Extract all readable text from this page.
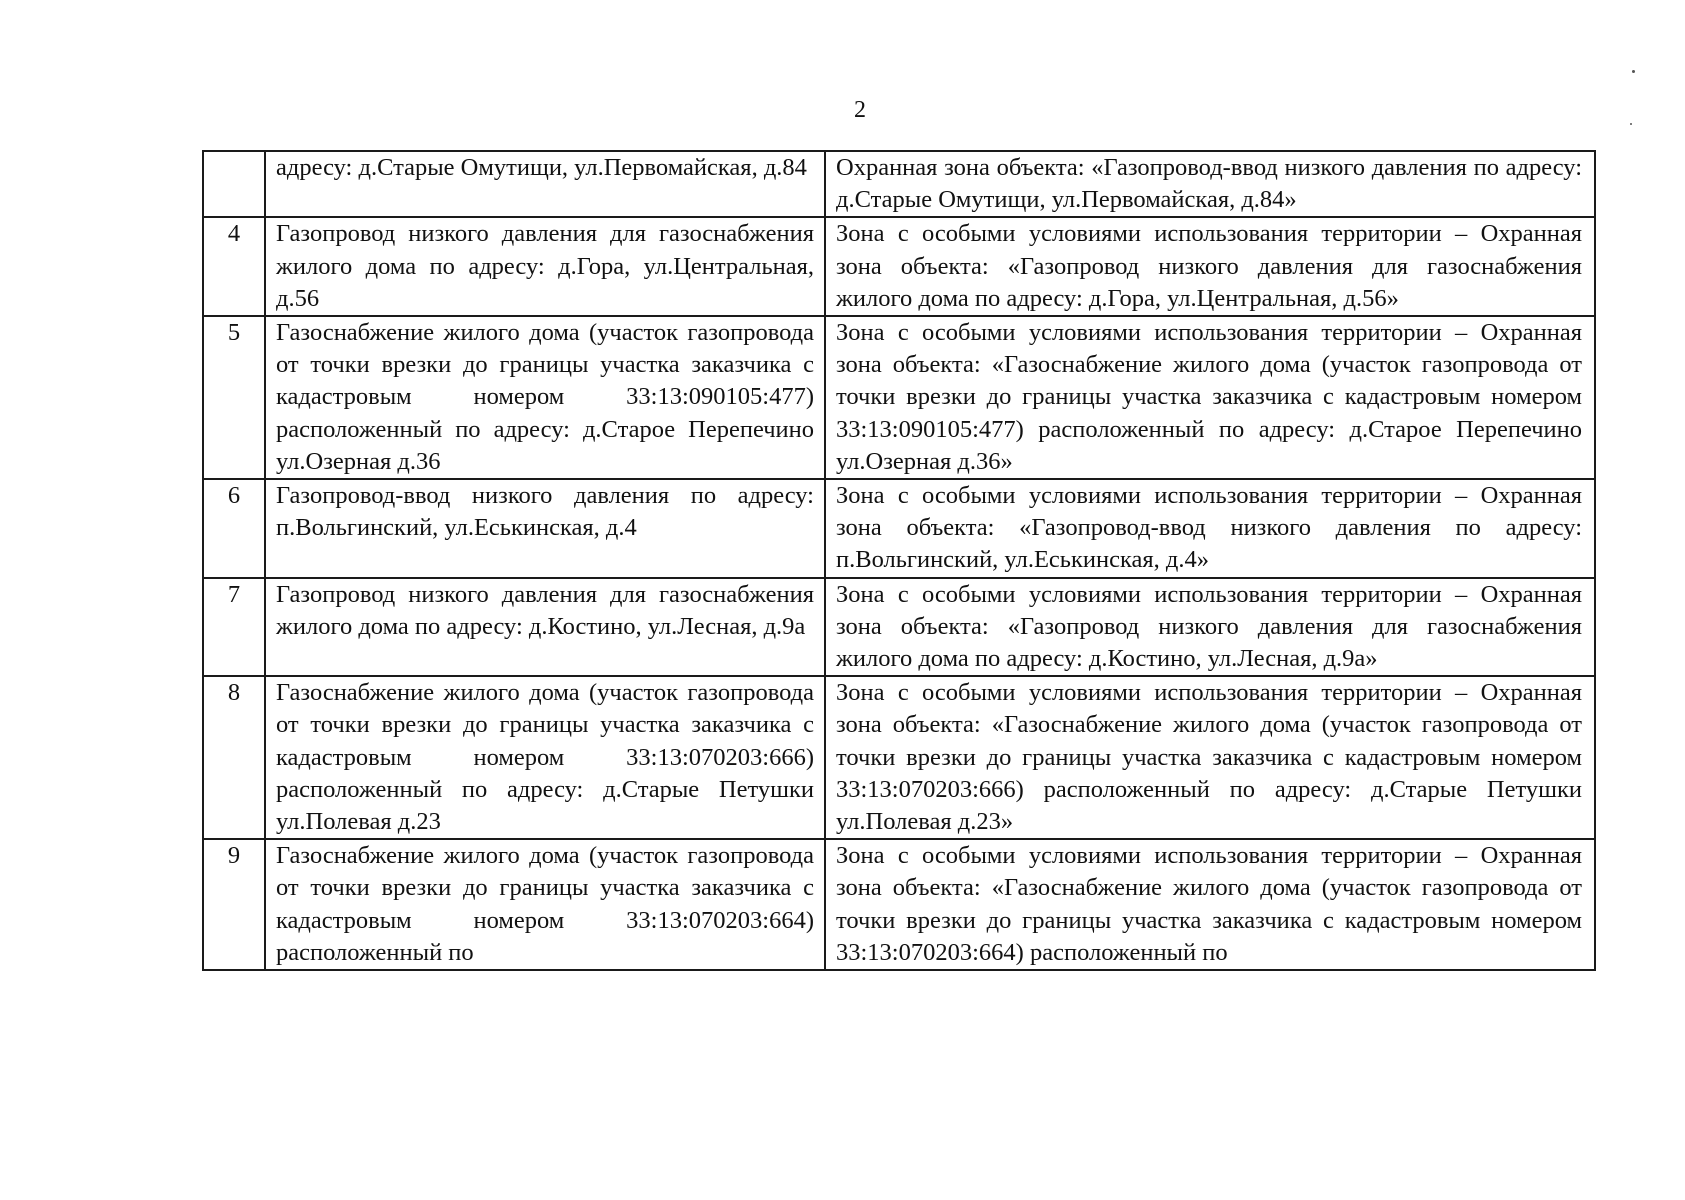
2
	адресу: д.Старые Омутищи, ул.Первомайская, д.84	Охранная зона объекта: «Газопровод-ввод низкого давления по адресу: д.Старые Омутищи, ул.Первомайская, д.84»
4	Газопровод низкого давления для газоснабжения жилого дома по адресу: д.Гора, ул.Центральная, д.56	Зона с особыми условиями использования территории – Охранная зона объекта: «Газопровод низкого давления для газоснабжения жилого дома по адресу: д.Гора, ул.Центральная, д.56»
5	Газоснабжение жилого дома (участок газопровода от точки врезки до границы участка заказчика с кадастровым номером 33:13:090105:477) расположенный по адресу: д.Старое Перепечино ул.Озерная д.36	Зона с особыми условиями использования территории – Охранная зона объекта: «Газоснабжение жилого дома (участок газопровода от точки врезки до границы участка заказчика с кадастровым номером 33:13:090105:477) расположенный по адресу: д.Старое Перепечино ул.Озерная д.36»
6	Газопровод-ввод низкого давления по адресу: п.Вольгинский, ул.Еськинская, д.4	Зона с особыми условиями использования территории – Охранная зона объекта: «Газопровод-ввод низкого давления по адресу: п.Вольгинский, ул.Еськинская, д.4»
7	Газопровод низкого давления для газоснабжения жилого дома по адресу: д.Костино, ул.Лесная, д.9а	Зона с особыми условиями использования территории – Охранная зона объекта: «Газопровод низкого давления для газоснабжения жилого дома по адресу: д.Костино, ул.Лесная, д.9а»
8	Газоснабжение жилого дома (участок газопровода от точки врезки до границы участка заказчика с кадастровым номером 33:13:070203:666) расположенный по адресу: д.Старые Петушки ул.Полевая д.23	Зона с особыми условиями использования территории – Охранная зона объекта: «Газоснабжение жилого дома (участок газопровода от точки врезки до границы участка заказчика с кадастровым номером 33:13:070203:666) расположенный по адресу: д.Старые Петушки ул.Полевая д.23»
9	Газоснабжение жилого дома (участок газопровода от точки врезки до границы участка заказчика с кадастровым номером 33:13:070203:664) расположенный по	Зона с особыми условиями использования территории – Охранная зона объекта: «Газоснабжение жилого дома (участок газопровода от точки врезки до границы участка заказчика с кадастровым номером 33:13:070203:664) расположенный по
